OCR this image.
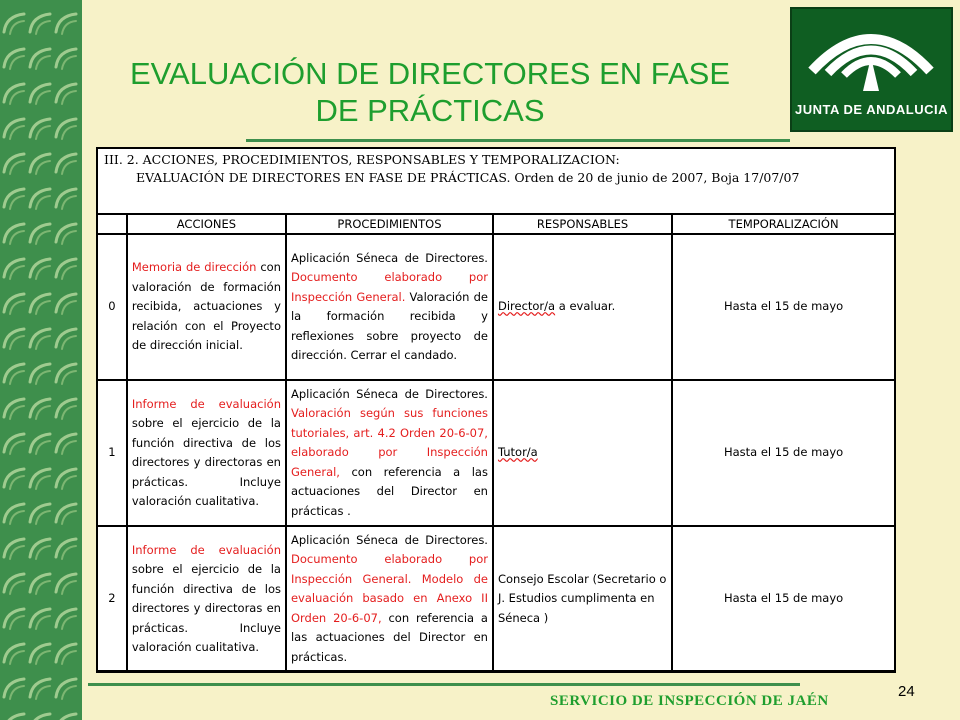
EVALUACIÓN DE DIRECTORES EN FASE
DE PRÁCTICAS	JUNTA DE ANDALUCIA
III. 2. ACCIONES, PROCEDIMIENTOS, RESPONSABLES Y TEMPORALIZACION:
EVALUACIÓN DE DIRECTORES EN FASE DE PRÁCTICAS. Orden de 20 de junio de 2007, Boja 17/07/07
	ACCIONES	PROCEDIMIENTOS	RESPONSABLES	TEMPORALIZACIÓN
0	Memoria de dirección con valoración de formación recibida, actuaciones y relación con el Proyecto de dirección inicial.	Aplicación Séneca de Directores. Documento elaborado por Inspección General. Valoración de la formación recibida y reflexiones sobre proyecto de dirección. Cerrar el candado.	Director/a a evaluar.	Hasta el 15 de mayo
1	Informe de evaluación sobre el ejercicio de la función directiva de los directores y directoras en prácticas. Incluye valoración cualitativa.	Aplicación Séneca de Directores. Valoración según sus funciones tutoriales, art. 4.2 Orden 20-6-07, elaborado por Inspección General, con referencia a las actuaciones del Director en prácticas .	Tutor/a	Hasta el 15 de mayo
2	Informe de evaluación sobre el ejercicio de la función directiva de los directores y directoras en prácticas. Incluye valoración cualitativa.	Aplicación Séneca de Directores. Documento elaborado por Inspección General. Modelo de evaluación basado en Anexo II Orden 20-6-07, con referencia a las actuaciones del Director en prácticas.	Consejo Escolar (Secretario o J. Estudios cumplimenta en Séneca )	Hasta el 15 de mayo
24
SERVICIO DE INSPECCIÓN DE JAÉN
